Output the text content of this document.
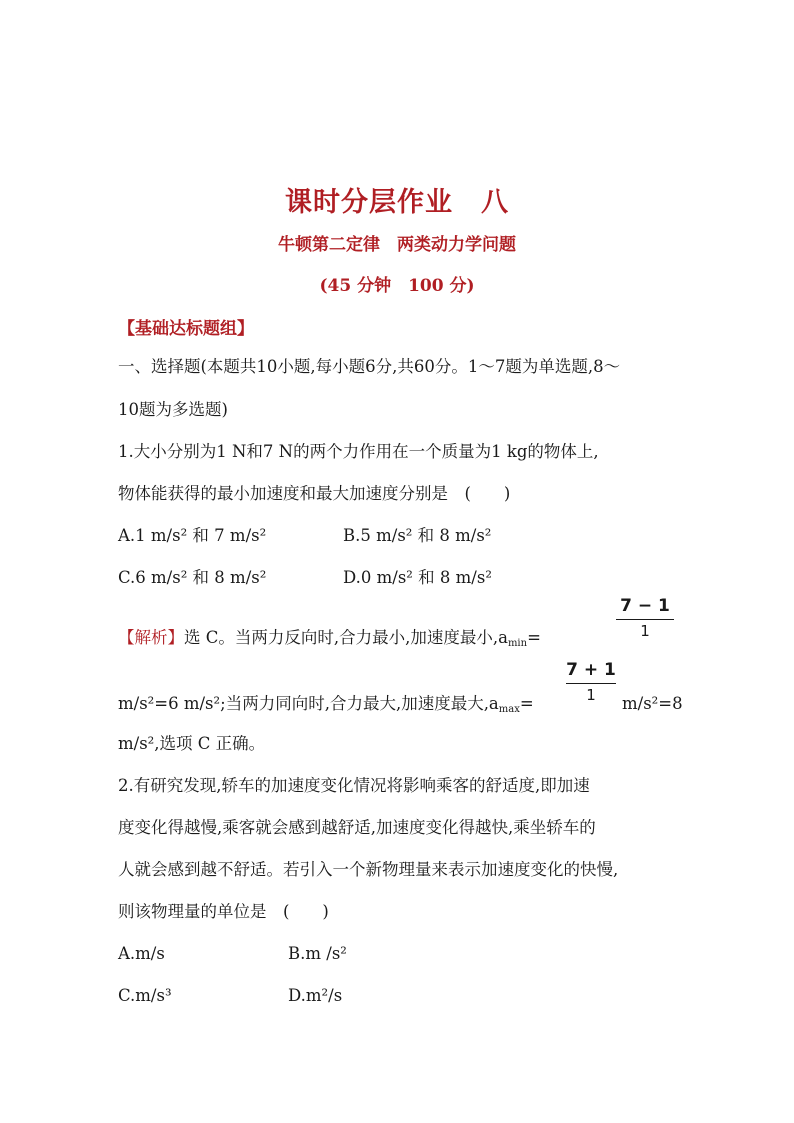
课时分层作业　八
牛顿第二定律　两类动力学问题
(45 分钟　100 分)
【基础达标题组】
一、选择题(本题共10小题,每小题6分,共60分。1～7题为单选题,8～
10题为多选题)
1.大小分别为1 N和7 N的两个力作用在一个质量为1 kg的物体上,
物体能获得的最小加速度和最大加速度分别是　(　　)
A.1 m/s² 和 7 m/s²	B.5 m/s² 和 8 m/s²
C.6 m/s² 和 8 m/s²	D.0 m/s² 和 8 m/s²
【解析】选 C。当两力反向时,合力最小,加速度最小$,a_{min}=$
7 − 1
1
m/s²=6 m/s²;当两力同向时,合力最大,加速度最大$,a_{max}=$
7 + 1
1	m/s²=8
m/s²,选项 C 正确。
2.有研究发现,轿车的加速度变化情况将影响乘客的舒适度,即加速
度变化得越慢,乘客就会感到越舒适,加速度变化得越快,乘坐轿车的
人就会感到越不舒适。若引入一个新物理量来表示加速度变化的快慢,
则该物理量的单位是　(　　)
A.m/s	B.m /s²
C.m/s³	D.m²/s
